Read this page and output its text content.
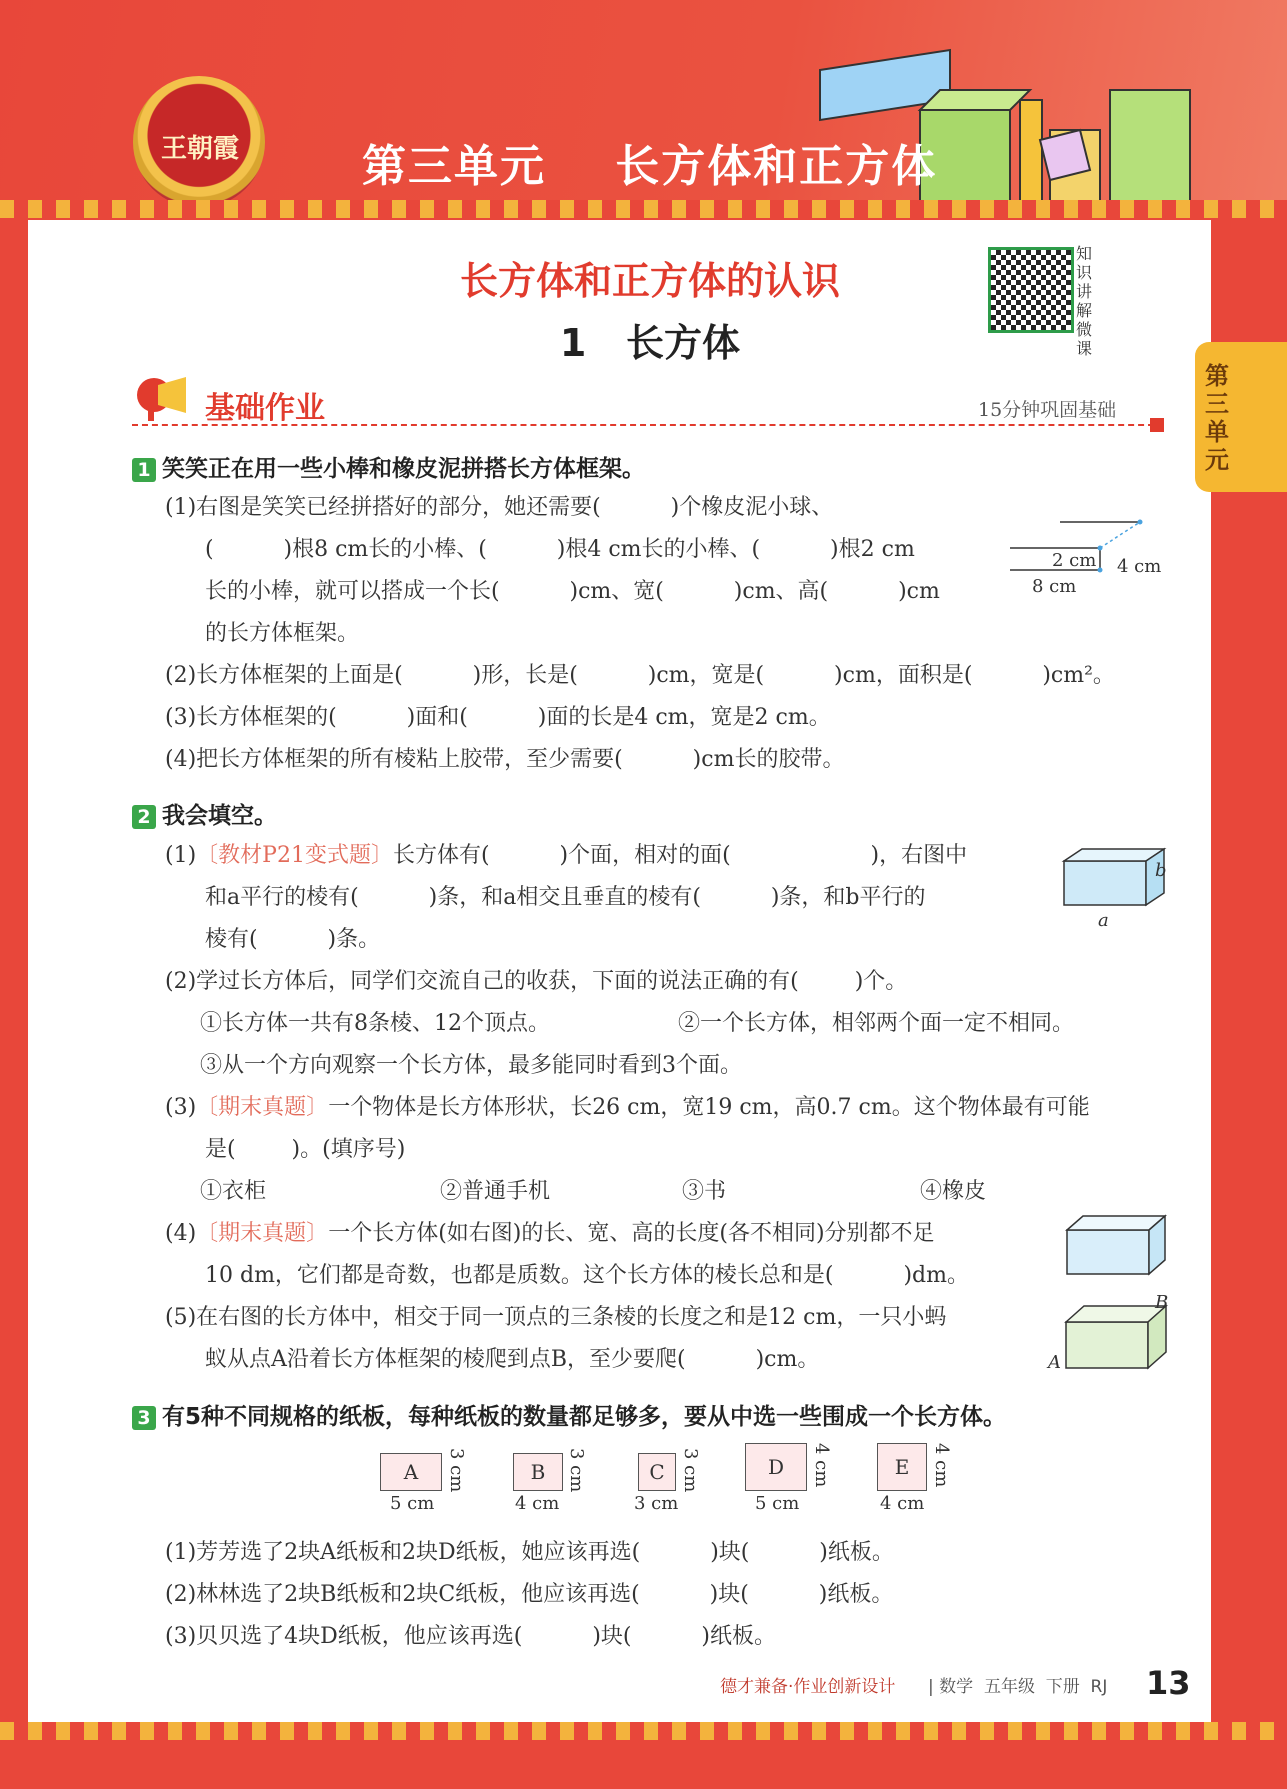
王朝霞	第三单元    长方体和正方体
第三单元
长方体和正方体的认识
1   长方体
知识讲解微课
基础作业	15分钟巩固基础
1 笑笑正在用一些小棒和橡皮泥拼搭长方体框架。
(1)右图是笑笑已经拼搭好的部分，她还需要(          )个橡皮泥小球、
(          )根8 cm长的小棒、(          )根4 cm长的小棒、(          )根2 cm
长的小棒，就可以搭成一个长(          )cm、宽(          )cm、高(          )cm
的长方体框架。
(2)长方体框架的上面是(          )形，长是(          )cm，宽是(          )cm，面积是(          )cm²。
(3)长方体框架的(          )面和(          )面的长是4 cm，宽是2 cm。
(4)把长方体框架的所有棱粘上胶带，至少需要(          )cm长的胶带。
2 cm 4 cm
8 cm
2 我会填空。
(1)〔教材P21变式题〕长方体有(          )个面，相对的面(                    )，右图中
和a平行的棱有(          )条，和a相交且垂直的棱有(          )条，和b平行的
棱有(          )条。
b
a
(2)学过长方体后，同学们交流自己的收获，下面的说法正确的有(        )个。
①长方体一共有8条棱、12个顶点。	②一个长方体，相邻两个面一定不相同。
③从一个方向观察一个长方体，最多能同时看到3个面。
(3)〔期末真题〕一个物体是长方体形状，长26 cm，宽19 cm，高0.7 cm。这个物体最有可能
是(        )。(填序号)
①衣柜	②普通手机	③书	④橡皮
(4)〔期末真题〕一个长方体(如右图)的长、宽、高的长度(各不相同)分别都不足
10 dm，它们都是奇数，也都是质数。这个长方体的棱长总和是(          )dm。
(5)在右图的长方体中，相交于同一顶点的三条棱的长度之和是12 cm，一只小蚂
蚁从点A沿着长方体框架的棱爬到点B，至少要爬(          )cm。
B
A
3 有5种不同规格的纸板，每种纸板的数量都足够多，要从中选一些围成一个长方体。
A
5 cm
3 cm	B
4 cm
3 cm	C
3 cm
3 cm	D
5 cm
4 cm	E
4 cm
4 cm
(1)芳芳选了2块A纸板和2块D纸板，她应该再选(          )块(          )纸板。
(2)林林选了2块B纸板和2块C纸板，他应该再选(          )块(          )纸板。
(3)贝贝选了4块D纸板，他应该再选(          )块(          )纸板。
德才兼备·作业创新设计 | 数学  五年级  下册  RJ 13
